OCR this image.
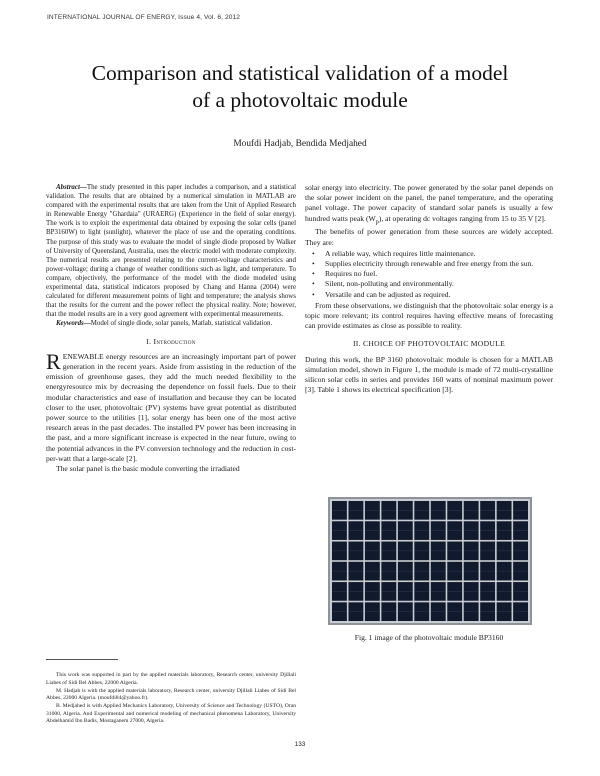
INTERNATIONAL JOURNAL OF ENERGY, Issue 4, Vol. 6, 2012
Comparison and statistical validation of a model
of a photovoltaic module
Moufdi Hadjab, Bendida Medjahed

Abstract—The study presented in this paper includes a comparison, and a statistical validation. The results that are obtained by a numerical simulation in MATLAB are compared with the experimental results that are taken from the Unit of Applied Research in Renewable Energy "Ghardaia" (URAERG) (Experience in the field of solar energy). The work is to exploit the experimental data obtained by exposing the solar cells (panel BP3160W) to light (sunlight), whatever the place of use and the operating conditions. The purpose of this study was to evaluate the model of single diode proposed by Walker of University of Queensland, Australia, uses the electric model with moderate complexity. The numerical results are presented relating to the current-voltage characteristics and power-voltage; during a change of weather conditions such as light, and temperature. To compare, objectively, the performance of the model with the diode modeled using experimental data, statistical indicators proposed by Chang and Hanna (2004) were calculated for different measurement points of light and temperature; the analysis shows that the results for the current and the power reflect the physical reality. Note; however, that the model results are in a very good agreement with experimental measurements.

Keywords—Model of single diode, solar panels, Matlab, statistical validation.

I. Introduction

RENEWABLE energy resources are an increasingly important part of power generation in the recent years. Aside from assisting in the reduction of the emission of greenhouse gases, they add the much needed flexibility to the energyresource mix by decreasing the dependence on fossil fuels. Due to their modular characteristics and ease of installation and because they can be located closer to the user, photovoltaic (PV) systems have great potential as distributed power source to the utilities [1], solar energy has been one of the most active research areas in the past decades. The installed PV power has been increasing in the past, and a more significant increase is expected in the near future, owing to the potential advances in the PV conversion technology and the reduction in cost-per-watt that a large-scale [2].

The solar panel is the basic module converting the irradiated

solar energy into electricity. The power generated by the solar panel depends on the solar power incident on the panel, the panel temperature, and the operating panel voltage. The power capacity of standard solar panels is usually a few hundred watts peak $(W_p)$, at operating dc voltages ranging from 15 to 35 V [2].

The benefits of power generation from these sources are widely accepted. They are:

• A reliable way, which requires little maintenance.
• Supplies electricity through renewable and free energy from the sun.
• Requires no fuel.
• Silent, non-polluting and environmentally.
• Versatile and can be adjusted as required.

From these observations, we distinguish that the photovoltaic solar energy is a topic more relevant; its control requires having effective means of forecasting can provide estimates as close as possible to reality.

II. CHOICE OF PHOTOVOLTAIC MODULE

During this work, the BP 3160 photovoltaic module is chosen for a MATLAB simulation model, shown in Figure 1, the module is made of 72 multi-crystalline silicon solar cells in series and provides 160 watts of nominal maximum power [3]. Table 1 shows its electrical specification [3].

Fig. 1 image of the photovoltaic module BP3160

This work was supported in part by the applied materials laboratory, Research center, university Djillali Liabes of Sidi Bel Abbes, 22000 Algeria.

M. Hadjab is with the applied materials laboratory, Research center, university Djillali Liabes of Sidi Bel Abbes, 22000 Algeria. (moufdi84@yahoo.fr).

B. Medjahed is with Applied Mechanics Laboratory, University of Science and Technology (USTO), Oran 31000, Algeria. And Experimental and numerical modeling of mechanical phenomena Laboratory, University Abdelhamid Ibn Badis, Mostaganem 27000, Algeria.

133
